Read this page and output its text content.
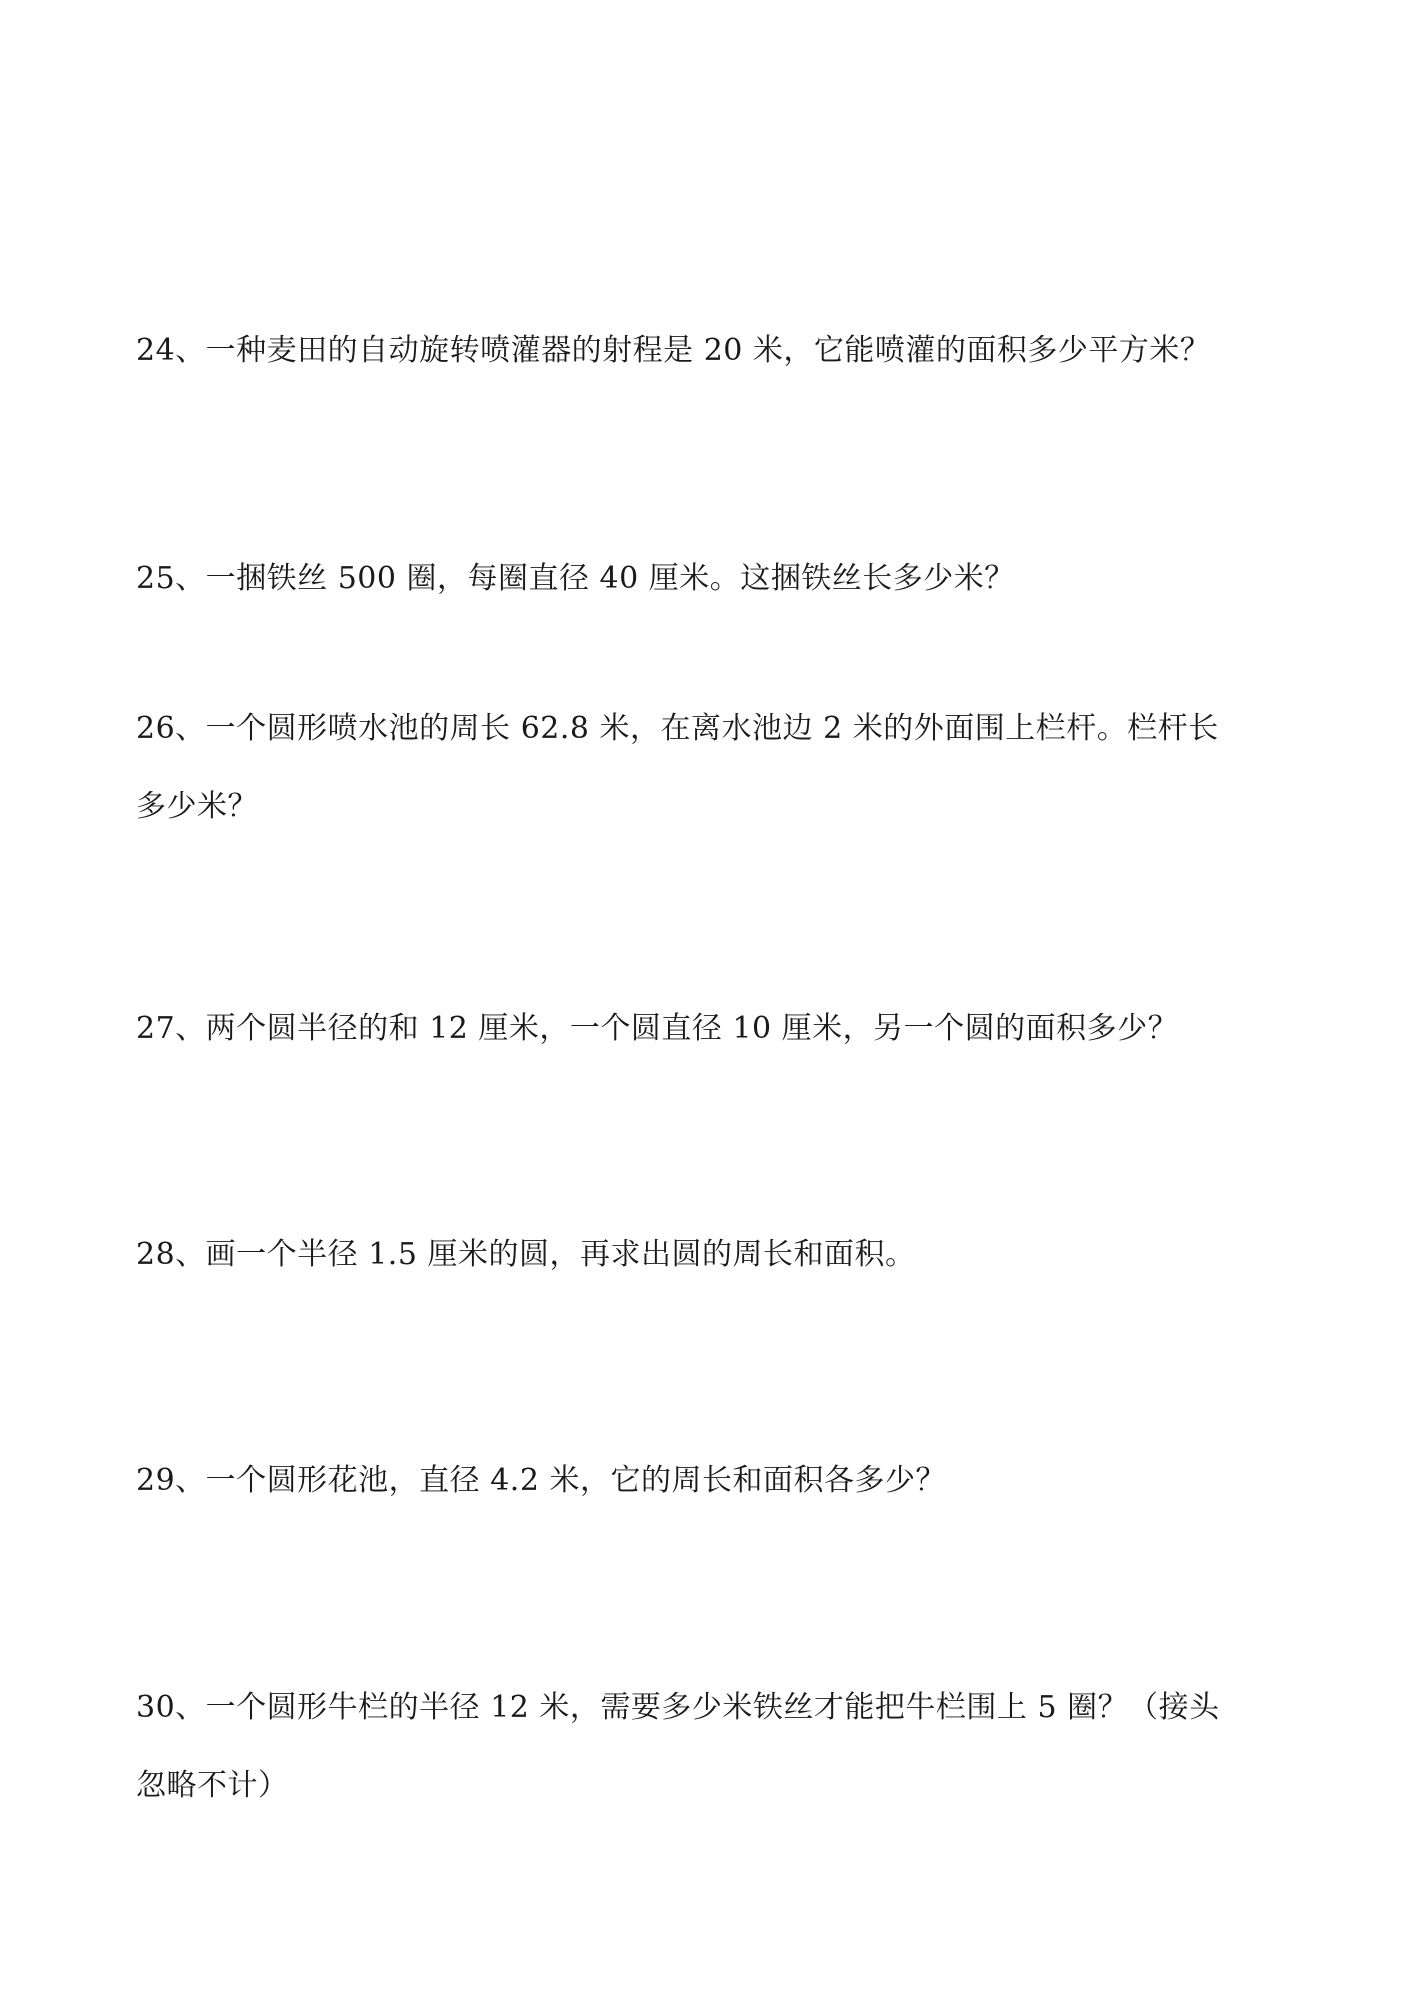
24、一种麦田的自动旋转喷灌器的射程是 20 米，它能喷灌的面积多少平方米？

25、一捆铁丝 500 圈，每圈直径 40 厘米。这捆铁丝长多少米？

26、一个圆形喷水池的周长 62.8 米，在离水池边 2 米的外面围上栏杆。栏杆长
多少米？

27、两个圆半径的和 12 厘米，一个圆直径 10 厘米，另一个圆的面积多少？

28、画一个半径 1.5 厘米的圆，再求出圆的周长和面积。

29、一个圆形花池，直径 4.2 米，它的周长和面积各多少？

30、一个圆形牛栏的半径 12 米，需要多少米铁丝才能把牛栏围上 5 圈？（接头
忽略不计）
